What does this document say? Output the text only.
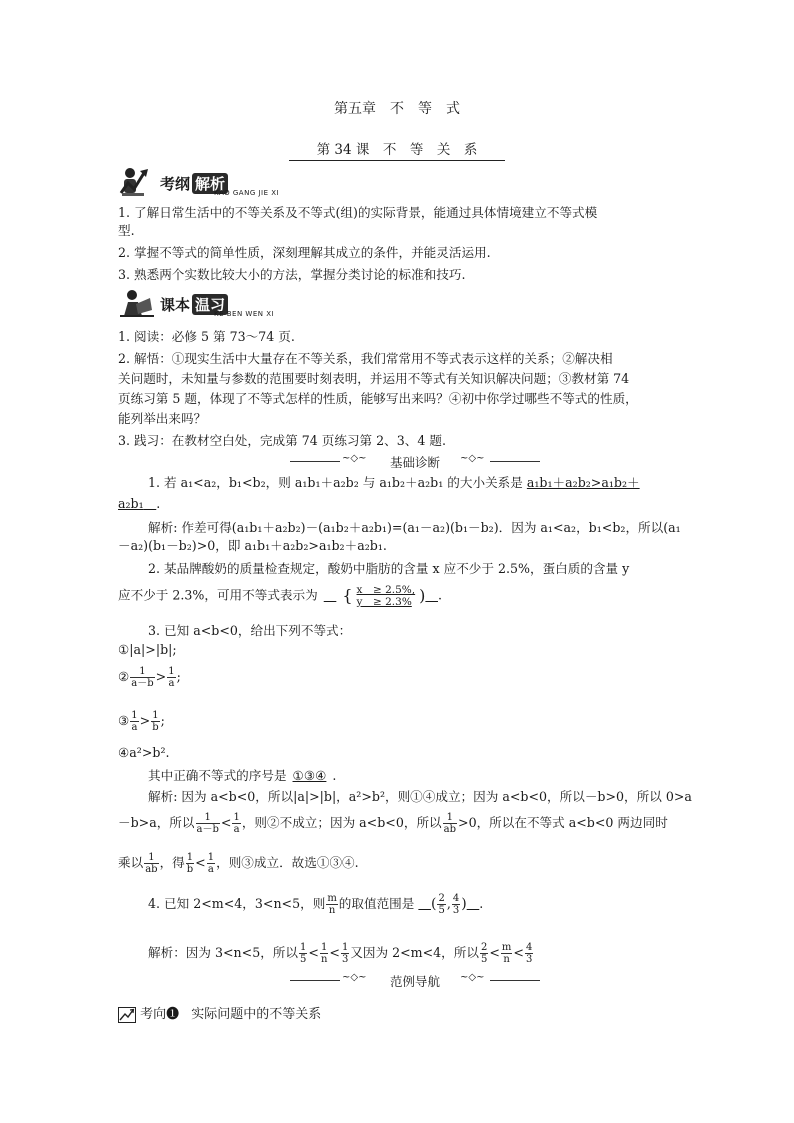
第五章　不　等　式
第 34 课　不　等　关　系
考纲 解析
KAO GANG JIE XI
1. 了解日常生活中的不等关系及不等式(组)的实际背景，能通过具体情境建立不等式模
型.
2. 掌握不等式的简单性质，深刻理解其成立的条件，并能灵活运用.
3. 熟悉两个实数比较大小的方法，掌握分类讨论的标准和技巧.
课本 温习
KE BEN WEN XI
1. 阅读：必修 5 第 73～74 页.
2. 解悟：①现实生活中大量存在不等关系，我们常常用不等式表示这样的关系；②解决相
关问题时，未知量与参数的范围要时刻表明，并运用不等式有关知识解决问题；③教材第 74
页练习第 5 题，体现了不等式怎样的性质，能够写出来吗？④初中你学过哪些不等式的性质，
能列举出来吗？
3. 践习：在教材空白处，完成第 74 页练习第 2、3、4 题.
~◇~	基础诊断	~◇~
1. 若 a₁<a₂，b₁<b₂，则 a₁b₁＋a₂b₂ 与 a₁b₂＋a₂b₁ 的大小关系是 a₁b₁＋a₂b₂>a₁b₂＋
a₂b₁　 .
解析: 作差可得(a₁b₁＋a₂b₂)－(a₁b₂＋a₂b₁)=(a₁－a₂)(b₁－b₂)．因为 a₁<a₂，b₁<b₂，所以(a₁
－a₂)(b₁－b₂)>0，即 a₁b₁＋a₂b₂>a₁b₂＋a₂b₁.
2. 某品牌酸奶的质量检查规定，酸奶中脂肪的含量 x 应不少于 2.5%，蛋白质的含量 y
应不少于 2.3%，可用不等式表示为 　 { $\frac{x \ge 2.5\%,}{y \ge 2.3\%}$ )　 .
3. 已知 a<b<0，给出下列不等式：
①|a|>|b|;
② $\frac{1}{a-b} > \frac{1}{a}$ ;
③ $\frac{1}{a} > \frac{1}{b}$ ;
④a²>b².
其中正确不等式的序号是 ①③④ .
解析: 因为 a<b<0，所以|a|>|b|，a²>b²，则①④成立；因为 a<b<0，所以－b>0，所以 0>a
－b>a，所以 $\frac{1}{a-b} < \frac{1}{a}$ ，则②不成立；因为 a<b<0，所以 $\frac{1}{ab} >0$，所以在不等式 a<b<0 两边同时
乘以 $\frac{1}{ab}$ ，得 $\frac{1}{b} < \frac{1}{a}$ ，则③成立．故选①③④.
4. 已知 2<m<4，3<n<5，则 $\frac{m}{n}$ 的取值范围是 　 ( $\frac{2}{5}$ , $\frac{4}{3}$ )　 .
解析：因为 3<n<5，所以 $\frac{1}{5} < \frac{1}{n} < \frac{1}{3}$ 又因为 2<m<4，所以 $\frac{2}{5} < \frac{m}{n} < \frac{4}{3}$
~◇~	范例导航	~◇~
考向❶ 实际问题中的不等关系
